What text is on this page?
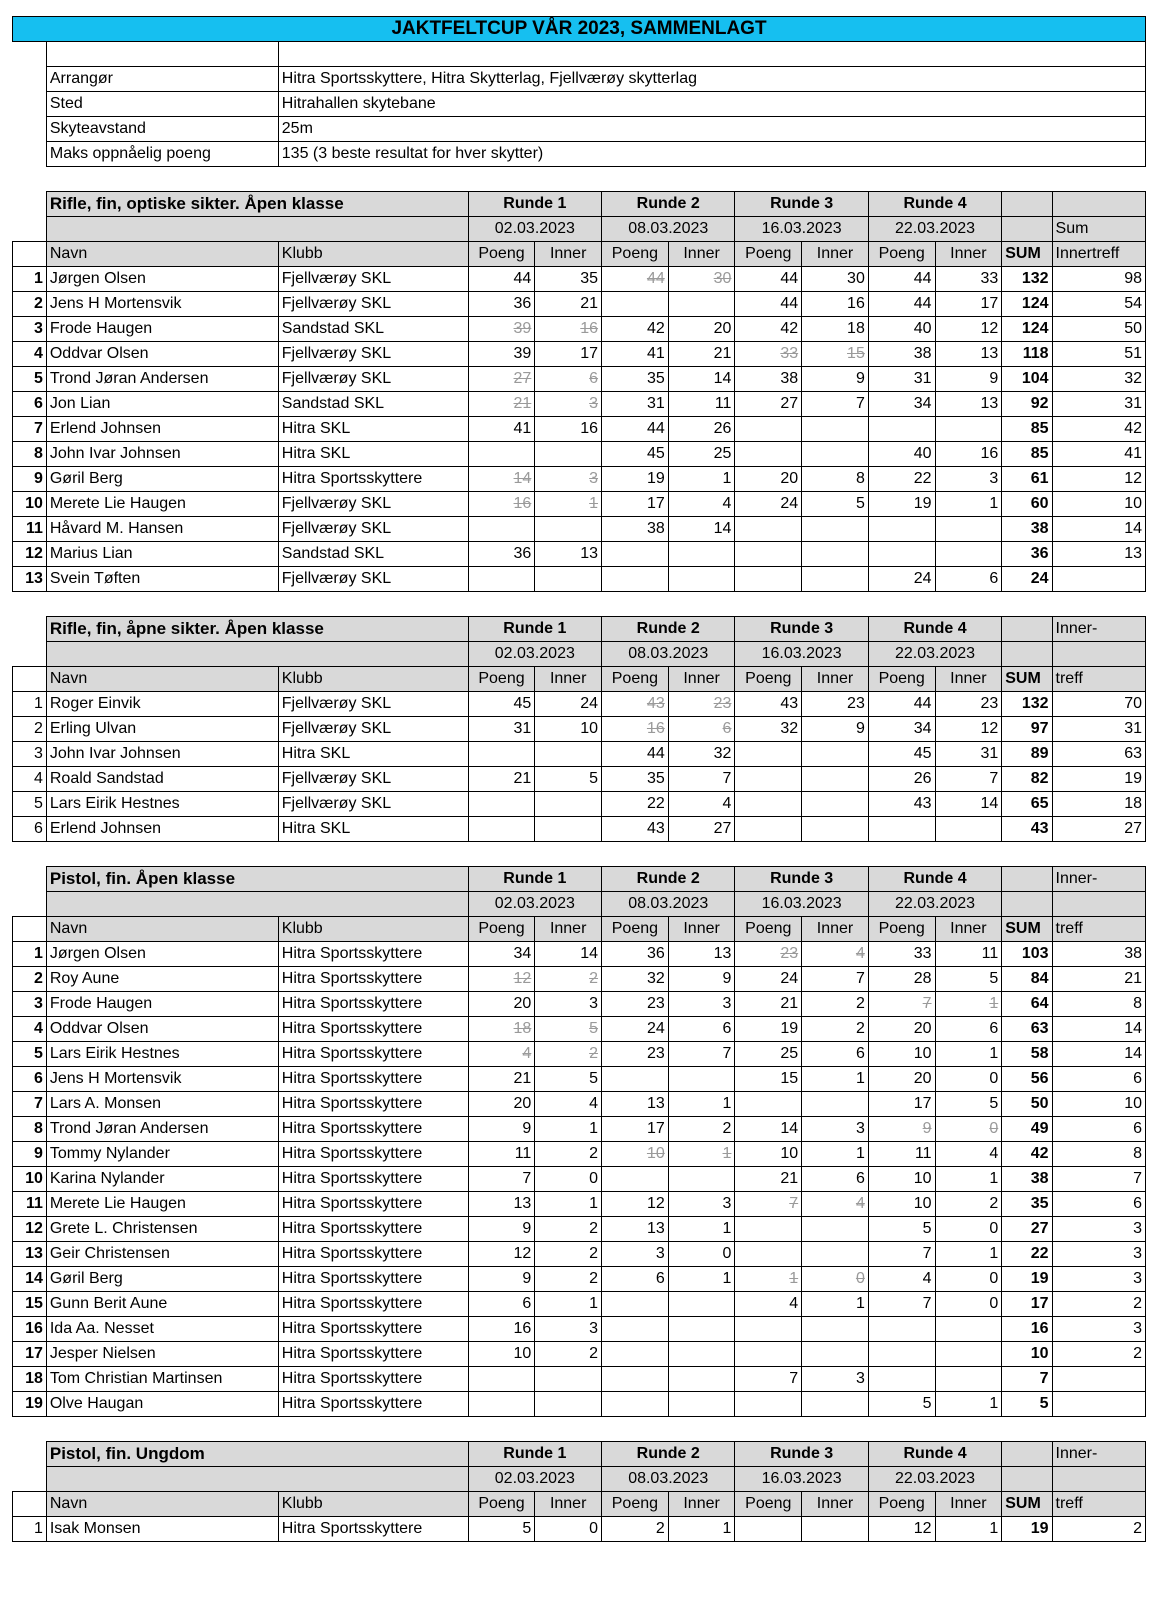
JAKTFELTCUP VÅR 2023, SAMMENLAGT												

	Arrangør	Hitra Sportsskyttere, Hitra Skytterlag, Fjellværøy skytterlag										
	Sted	Hitrahallen skytebane										
	Skyteavstand	25m										
	Maks oppnåelig poeng	135 (3 beste resultat for hver skytter)										

	Rifle, fin, optiske sikter. Åpen klasse		Runde 1		Runde 2		Runde 3		Runde 4			
			02.03.2023		08.03.2023		16.03.2023		22.03.2023			Sum
	Navn	Klubb	Poeng	Inner	Poeng	Inner	Poeng	Inner	Poeng	Inner	SUM	Innertreff
1	Jørgen Olsen	Fjellværøy SKL	44	35	44	30	44	30	44	33	132	98
2	Jens H Mortensvik	Fjellværøy SKL	36	21			44	16	44	17	124	54
3	Frode Haugen	Sandstad SKL	39	16	42	20	42	18	40	12	124	50
4	Oddvar Olsen	Fjellværøy SKL	39	17	41	21	33	15	38	13	118	51
5	Trond Jøran Andersen	Fjellværøy SKL	27	6	35	14	38	9	31	9	104	32
6	Jon Lian	Sandstad SKL	21	3	31	11	27	7	34	13	92	31
7	Erlend Johnsen	Hitra SKL	41	16	44	26					85	42
8	John Ivar Johnsen	Hitra SKL			45	25			40	16	85	41
9	Gøril Berg	Hitra Sportsskyttere	14	3	19	1	20	8	22	3	61	12
10	Merete Lie Haugen	Fjellværøy SKL	16	1	17	4	24	5	19	1	60	10
11	Håvard M. Hansen	Fjellværøy SKL			38	14					38	14
12	Marius Lian	Sandstad SKL	36	13							36	13
13	Svein Tøften	Fjellværøy SKL							24	6	24	

	Rifle, fin, åpne sikter. Åpen klasse		Runde 1		Runde 2		Runde 3		Runde 4			Inner-
			02.03.2023		08.03.2023		16.03.2023		22.03.2023			
	Navn	Klubb	Poeng	Inner	Poeng	Inner	Poeng	Inner	Poeng	Inner	SUM	treff
1	Roger Einvik	Fjellværøy SKL	45	24	43	23	43	23	44	23	132	70
2	Erling Ulvan	Fjellværøy SKL	31	10	16	6	32	9	34	12	97	31
3	John Ivar Johnsen	Hitra SKL			44	32			45	31	89	63
4	Roald Sandstad	Fjellværøy SKL	21	5	35	7			26	7	82	19
5	Lars Eirik Hestnes	Fjellværøy SKL			22	4			43	14	65	18
6	Erlend Johnsen	Hitra SKL			43	27					43	27

	Pistol, fin. Åpen klasse		Runde 1		Runde 2		Runde 3		Runde 4			Inner-
			02.03.2023		08.03.2023		16.03.2023		22.03.2023			
	Navn	Klubb	Poeng	Inner	Poeng	Inner	Poeng	Inner	Poeng	Inner	SUM	treff
1	Jørgen Olsen	Hitra Sportsskyttere	34	14	36	13	23	4	33	11	103	38
2	Roy Aune	Hitra Sportsskyttere	12	2	32	9	24	7	28	5	84	21
3	Frode Haugen	Hitra Sportsskyttere	20	3	23	3	21	2	7	1	64	8
4	Oddvar Olsen	Hitra Sportsskyttere	18	5	24	6	19	2	20	6	63	14
5	Lars Eirik Hestnes	Hitra Sportsskyttere	4	2	23	7	25	6	10	1	58	14
6	Jens H Mortensvik	Hitra Sportsskyttere	21	5			15	1	20	0	56	6
7	Lars A. Monsen	Hitra Sportsskyttere	20	4	13	1			17	5	50	10
8	Trond Jøran Andersen	Hitra Sportsskyttere	9	1	17	2	14	3	9	0	49	6
9	Tommy Nylander	Hitra Sportsskyttere	11	2	10	1	10	1	11	4	42	8
10	Karina Nylander	Hitra Sportsskyttere	7	0			21	6	10	1	38	7
11	Merete Lie Haugen	Hitra Sportsskyttere	13	1	12	3	7	4	10	2	35	6
12	Grete L. Christensen	Hitra Sportsskyttere	9	2	13	1			5	0	27	3
13	Geir Christensen	Hitra Sportsskyttere	12	2	3	0			7	1	22	3
14	Gøril Berg	Hitra Sportsskyttere	9	2	6	1	1	0	4	0	19	3
15	Gunn Berit Aune	Hitra Sportsskyttere	6	1			4	1	7	0	17	2
16	Ida Aa. Nesset	Hitra Sportsskyttere	16	3							16	3
17	Jesper Nielsen	Hitra Sportsskyttere	10	2							10	2
18	Tom Christian Martinsen	Hitra Sportsskyttere					7	3			7	
19	Olve Haugan	Hitra Sportsskyttere							5	1	5	

	Pistol, fin. Ungdom		Runde 1		Runde 2		Runde 3		Runde 4			Inner-
			02.03.2023		08.03.2023		16.03.2023		22.03.2023			
	Navn	Klubb	Poeng	Inner	Poeng	Inner	Poeng	Inner	Poeng	Inner	SUM	treff
1	Isak Monsen	Hitra Sportsskyttere	5	0	2	1			12	1	19	2
